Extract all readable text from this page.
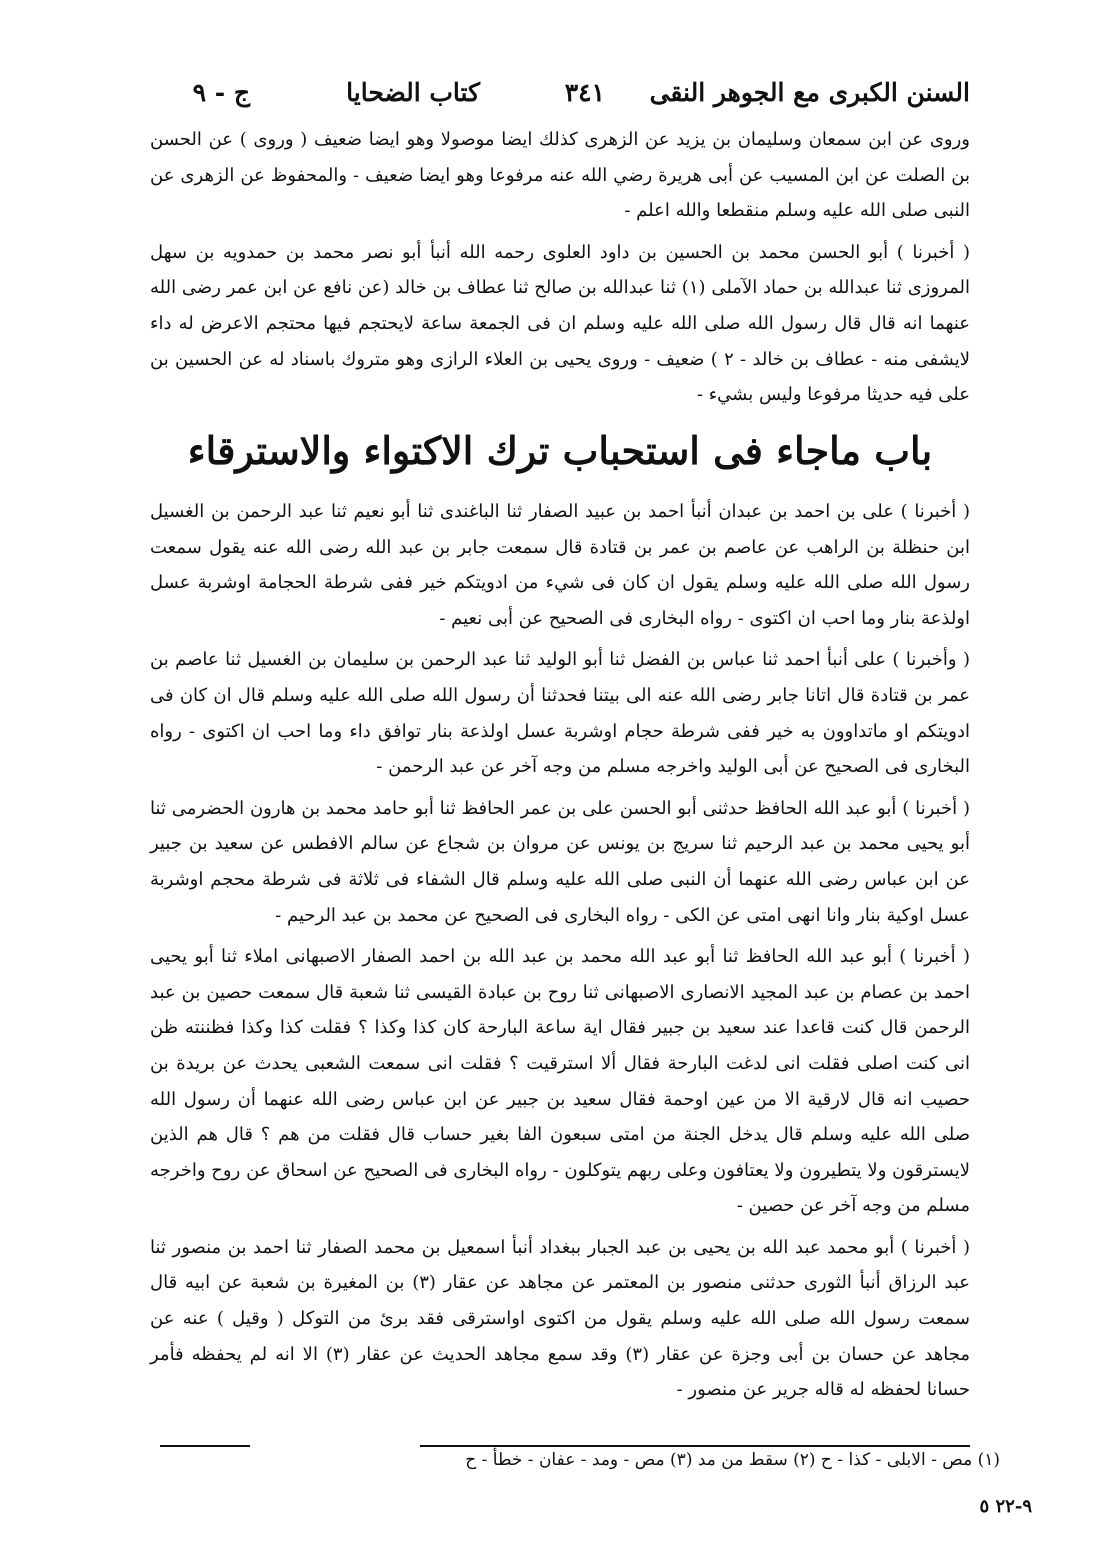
السنن الكبرى مع الجوهر النقى
٣٤١
كتاب الضحايا
ج - ٩

وروى عن ابن سمعان وسليمان بن يزيد عن الزهرى كذلك ايضا موصولا وهو ايضا ضعيف ( وروى ) عن الحسن بن الصلت عن ابن المسيب عن أبى هريرة رضي الله عنه مرفوعا وهو ايضا ضعيف - والمحفوظ عن الزهرى عن النبى صلى الله عليه وسلم منقطعا والله اعلم -

( أخبرنا ) أبو الحسن محمد بن الحسين بن داود العلوى رحمه الله أنبأ أبو نصر محمد بن حمدويه بن سهل المروزى ثنا عبدالله بن حماد الآملى (١) ثنا عبدالله بن صالح ثنا عطاف بن خالد (عن نافع عن ابن عمر رضى الله عنهما انه قال قال رسول الله صلى الله عليه وسلم ان فى الجمعة ساعة لايحتجم فيها محتجم الاعرض له داء لايشفى منه - عطاف بن خالد - ٢ ) ضعيف - وروى يحيى بن العلاء الرازى وهو متروك باسناد له عن الحسين بن على فيه حديثا مرفوعا وليس بشيء -

باب ماجاء فى استحباب ترك الاكتواء والاسترقاء

( أخبرنا ) على بن احمد بن عبدان أنبأ احمد بن عبيد الصفار ثنا الباغندى ثنا أبو نعيم ثنا عبد الرحمن بن الغسيل ابن حنظلة بن الراهب عن عاصم بن عمر بن قتادة قال سمعت جابر بن عبد الله رضى الله عنه يقول سمعت رسول الله صلى الله عليه وسلم يقول ان كان فى شيء من ادويتكم خير ففى شرطة الحجامة اوشربة عسل اولذعة بنار وما احب ان اكتوى - رواه البخارى فى الصحيح عن أبى نعيم -

( وأخبرنا ) على أنبأ احمد ثنا عباس بن الفضل ثنا أبو الوليد ثنا عبد الرحمن بن سليمان بن الغسيل ثنا عاصم بن عمر بن قتادة قال اتانا جابر رضى الله عنه الى بيتنا فحدثنا أن رسول الله صلى الله عليه وسلم قال ان كان فى ادويتكم او ماتداوون به خير ففى شرطة حجام اوشربة عسل اولذعة بنار توافق داء وما احب ان اكتوى - رواه البخارى فى الصحيح عن أبى الوليد واخرجه مسلم من وجه آخر عن عبد الرحمن -

( أخبرنا ) أبو عبد الله الحافظ حدثنى أبو الحسن على بن عمر الحافظ ثنا أبو حامد محمد بن هارون الحضرمى ثنا أبو يحيى محمد بن عبد الرحيم ثنا سريج بن يونس عن مروان بن شجاع عن سالم الافطس عن سعيد بن جبير عن ابن عباس رضى الله عنهما أن النبى صلى الله عليه وسلم قال الشفاء فى ثلاثة فى شرطة محجم اوشربة عسل اوكية بنار وانا انهى امتى عن الكى - رواه البخارى فى الصحيح عن محمد بن عبد الرحيم -

( أخبرنا ) أبو عبد الله الحافظ ثنا أبو عبد الله محمد بن عبد الله بن احمد الصفار الاصبهانى املاء ثنا أبو يحيى احمد بن عصام بن عبد المجيد الانصارى الاصبهانى ثنا روح بن عبادة القيسى ثنا شعبة قال سمعت حصين بن عبد الرحمن قال كنت قاعدا عند سعيد بن جبير فقال اية ساعة البارحة كان كذا وكذا ؟ فقلت كذا وكذا فظننته ظن انى كنت اصلى فقلت انى لدغت البارحة فقال ألا استرقيت ؟ فقلت انى سمعت الشعبى يحدث عن بريدة بن حصيب انه قال لارقية الا من عين اوحمة فقال سعيد بن جبير عن ابن عباس رضى الله عنهما أن رسول الله صلى الله عليه وسلم قال يدخل الجنة من امتى سبعون الفا بغير حساب قال فقلت من هم ؟ قال هم الذين لايسترقون ولا يتطيرون ولا يعتافون وعلى ربهم يتوكلون - رواه البخارى فى الصحيح عن اسحاق عن روح واخرجه مسلم من وجه آخر عن حصين -

( أخبرنا ) أبو محمد عبد الله بن يحيى بن عبد الجبار ببغداد أنبأ اسمعيل بن محمد الصفار ثنا احمد بن منصور ثنا عبد الرزاق أنبأ الثورى حدثنى منصور بن المعتمر عن مجاهد عن عقار (٣) بن المغيرة بن شعبة عن ابيه قال سمعت رسول الله صلى الله عليه وسلم يقول من اكتوى اواسترقى فقد برئ من التوكل ( وقيل ) عنه عن مجاهد عن حسان بن أبى وجزة عن عقار (٣) وقد سمع مجاهد الحديث عن عقار (٣) الا انه لم يحفظه فأمر حسانا لحفظه له قاله جرير عن منصور -

(١) مص - الابلى - كذا - ح (٢) سقط من مد (٣) مص - ومد - عفان - خطأ - ح
٩-٢٢ ٥
